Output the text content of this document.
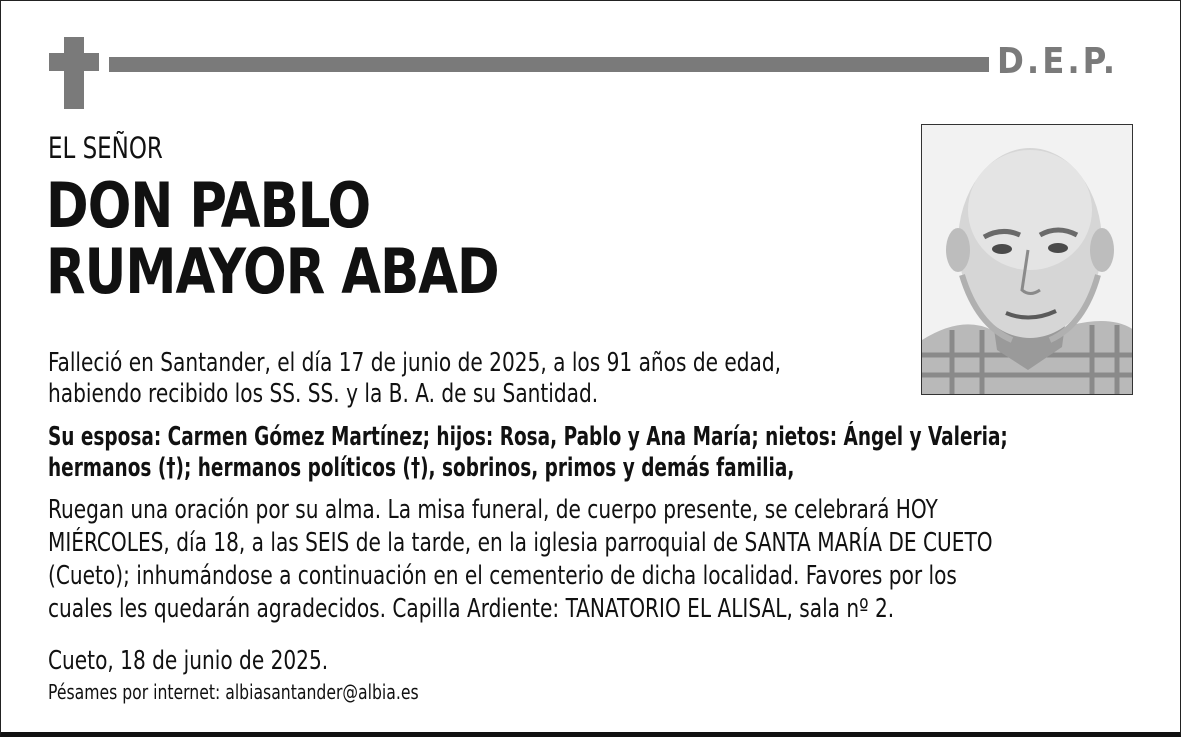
D.E.P.
EL SEÑOR
DON PABLO
RUMAYOR ABAD
Falleció en Santander, el día 17 de junio de 2025, a los 91 años de edad,
habiendo recibido los SS. SS. y la B. A. de su Santidad.
Su esposa: Carmen Gómez Martínez; hijos: Rosa, Pablo y Ana María; nietos: Ángel y Valeria;
hermanos (†); hermanos políticos (†), sobrinos, primos y demás familia,
Ruegan una oración por su alma. La misa funeral, de cuerpo presente, se celebrará HOY
MIÉRCOLES, día 18, a las SEIS de la tarde, en la iglesia parroquial de SANTA MARÍA DE CUETO
(Cueto); inhumándose a continuación en el cementerio de dicha localidad. Favores por los
cuales les quedarán agradecidos. Capilla Ardiente: TANATORIO EL ALISAL, sala nº 2.
Cueto, 18 de junio de 2025.
Pésames por internet: albiasantander@albia.es
